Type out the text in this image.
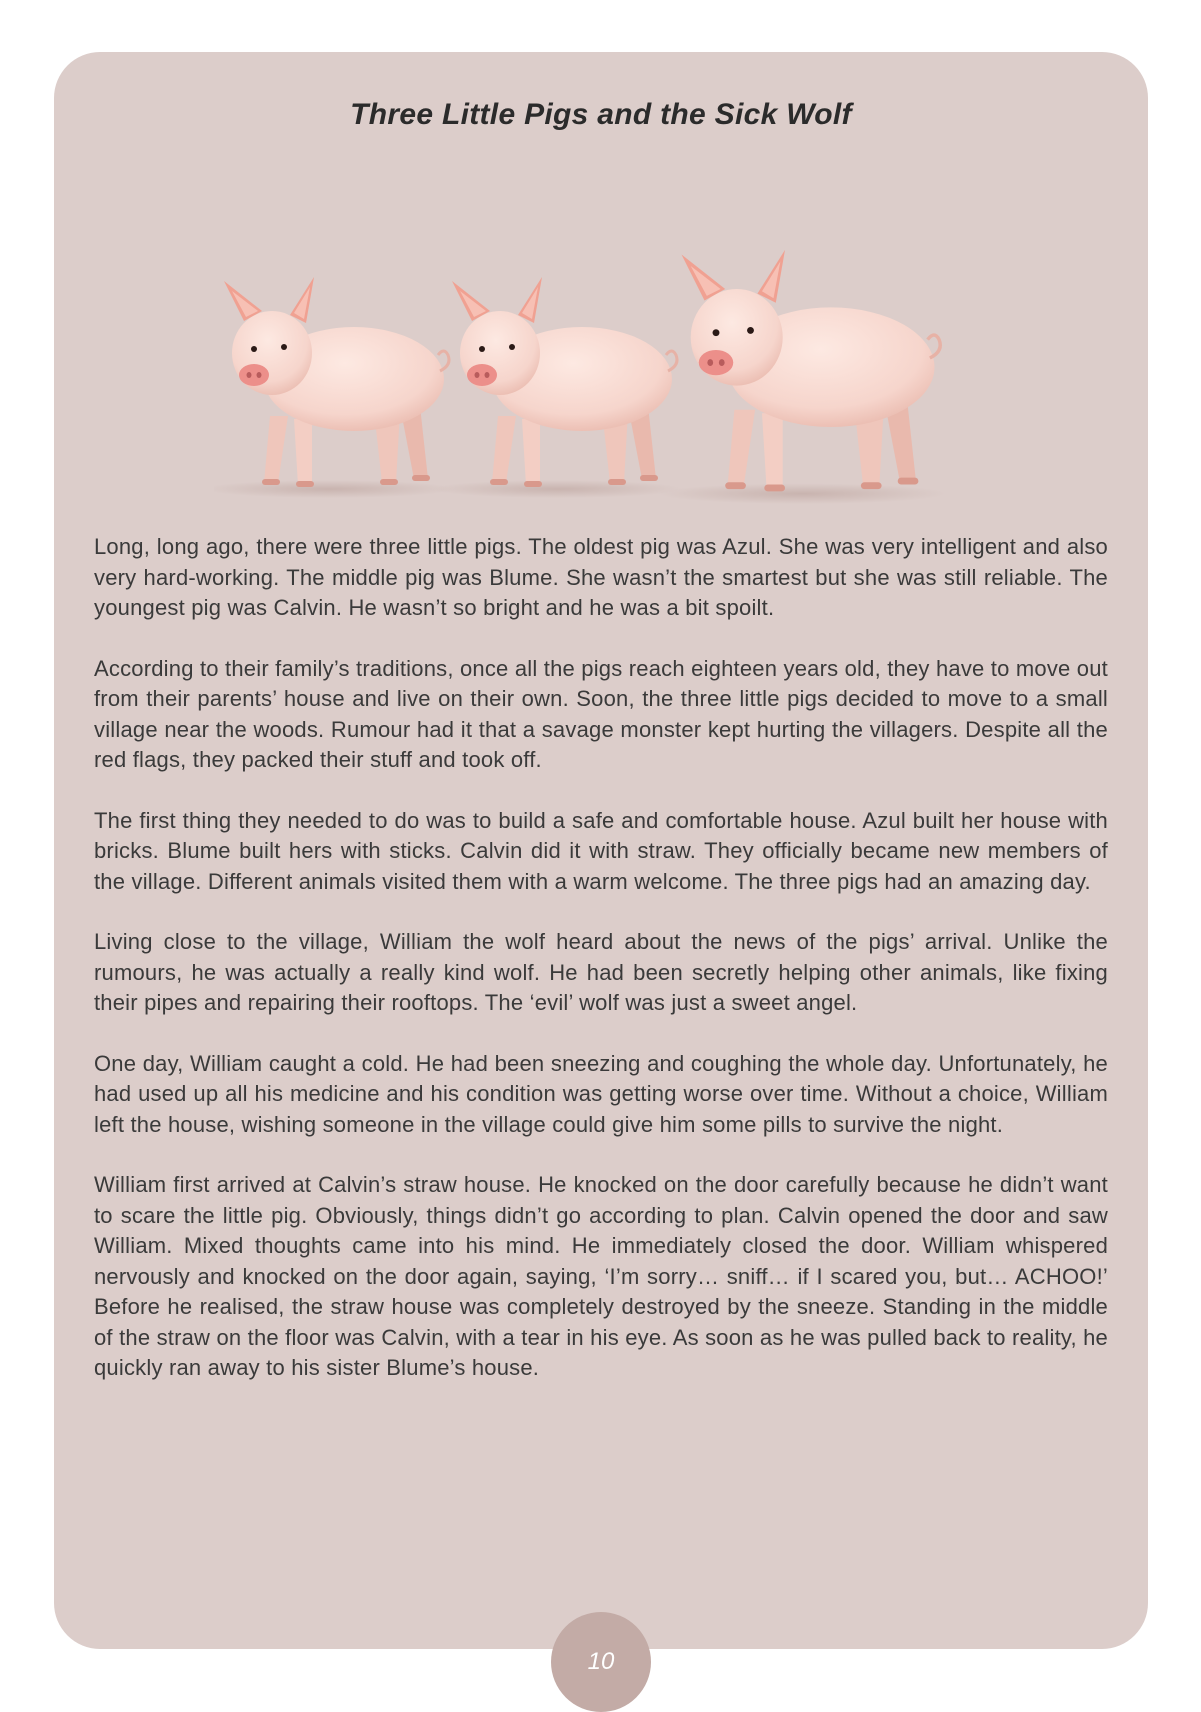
Three Little Pigs and the Sick Wolf

Long, long ago, there were three little pigs. The oldest pig was Azul. She was very intelligent and also very hard-working. The middle pig was Blume. She wasn’t the smartest but she was still reliable. The youngest pig was Calvin. He wasn’t so bright and he was a bit spoilt.

According to their family’s traditions, once all the pigs reach eighteen years old, they have to move out from their parents’ house and live on their own. Soon, the three little pigs decided to move to a small village near the woods. Rumour had it that a savage monster kept hurting the villagers. Despite all the red flags, they packed their stuff and took off.

The first thing they needed to do was to build a safe and comfortable house. Azul built her house with bricks. Blume built hers with sticks. Calvin did it with straw. They officially became new members of the village. Different animals visited them with a warm welcome. The three pigs had an amazing day.

Living close to the village, William the wolf heard about the news of the pigs’ arrival. Unlike the rumours, he was actually a really kind wolf. He had been secretly helping other animals, like fixing their pipes and repairing their rooftops. The ‘evil’ wolf was just a sweet angel.

One day, William caught a cold. He had been sneezing and coughing the whole day. Unfortunately, he had used up all his medicine and his condition was getting worse over time. Without a choice, William left the house, wishing someone in the village could give him some pills to survive the night.

William first arrived at Calvin’s straw house. He knocked on the door carefully because he didn’t want to scare the little pig. Obviously, things didn’t go according to plan. Calvin opened the door and saw William. Mixed thoughts came into his mind. He immediately closed the door. William whispered nervously and knocked on the door again, saying, ‘I’m sorry… sniff… if I scared you, but… ACHOO!’ Before he realised, the straw house was completely destroyed by the sneeze. Standing in the middle of the straw on the floor was Calvin, with a tear in his eye. As soon as he was pulled back to reality, he quickly ran away to his sister Blume’s house.

10
